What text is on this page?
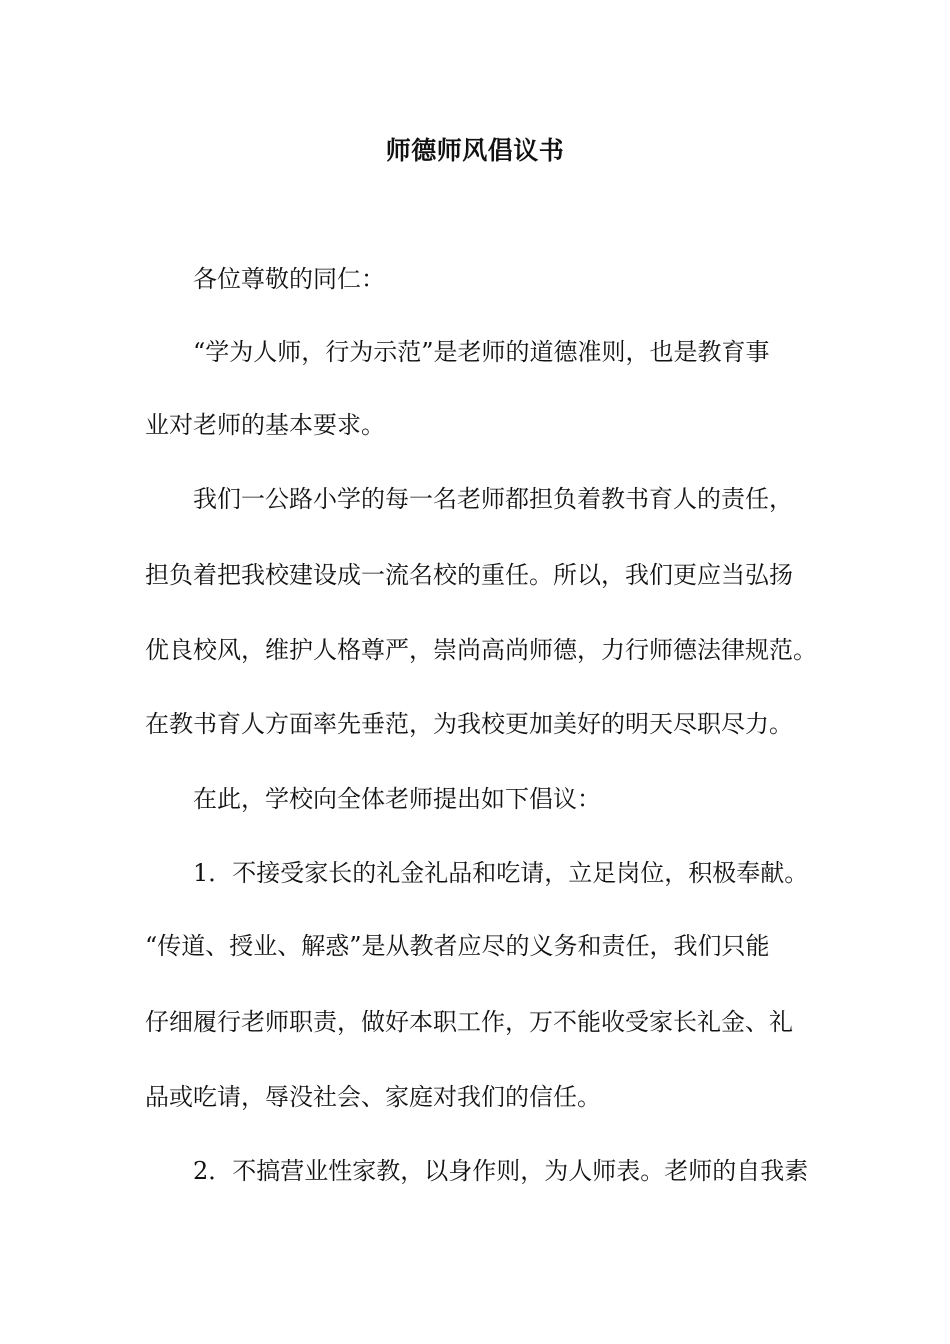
师德师风倡议书
各位尊敬的同仁：
“学为人师，行为示范”是老师的道德准则，也是教育事
业对老师的基本要求。
我们一公路小学的每一名老师都担负着教书育人的责任，
担负着把我校建设成一流名校的重任。所以，我们更应当弘扬
优良校风，维护人格尊严，崇尚高尚师德，力行师德法律规范。
在教书育人方面率先垂范，为我校更加美好的明天尽职尽力。
在此，学校向全体老师提出如下倡议：
1．不接受家长的礼金礼品和吃请，立足岗位，积极奉献。
“传道、授业、解惑”是从教者应尽的义务和责任，我们只能
仔细履行老师职责，做好本职工作，万不能收受家长礼金、礼
品或吃请，辱没社会、家庭对我们的信任。
2．不搞营业性家教，以身作则，为人师表。老师的自我素
